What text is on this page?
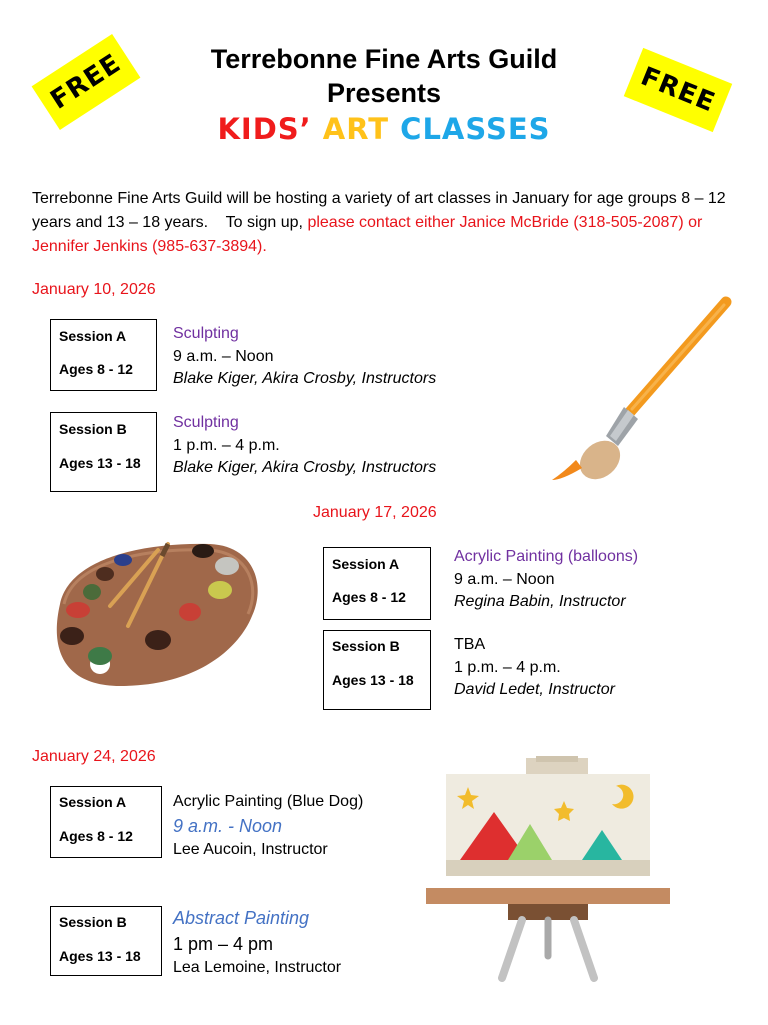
FREE	FREE
Terrebonne Fine Arts Guild
Presents
KIDS’ ART CLASSES
Terrebonne Fine Arts Guild will be hosting a variety of art classes in January for age groups 8 – 12 years and 13 – 18 years.    To sign up, please contact either Janice McBride (318-505-2087) or Jennifer Jenkins (985-637-3894).
January 10, 2026
Session A
Ages 8 - 12
Sculpting
9 a.m. – Noon
Blake Kiger, Akira Crosby, Instructors
Session B
Ages 13 - 18
Sculpting
1 p.m. – 4 p.m.
Blake Kiger, Akira Crosby, Instructors
January 17, 2026
Session A
Ages 8 - 12
Acrylic Painting (balloons)
9 a.m. – Noon
Regina Babin, Instructor
Session B
Ages 13 - 18
TBA
1 p.m. – 4 p.m.
David Ledet, Instructor
January 24, 2026
Session A
Ages 8 - 12
Acrylic Painting (Blue Dog)
9 a.m. - Noon
Lee Aucoin, Instructor
Session B
Ages 13 - 18
Abstract Painting
1 pm – 4 pm
Lea Lemoine, Instructor
